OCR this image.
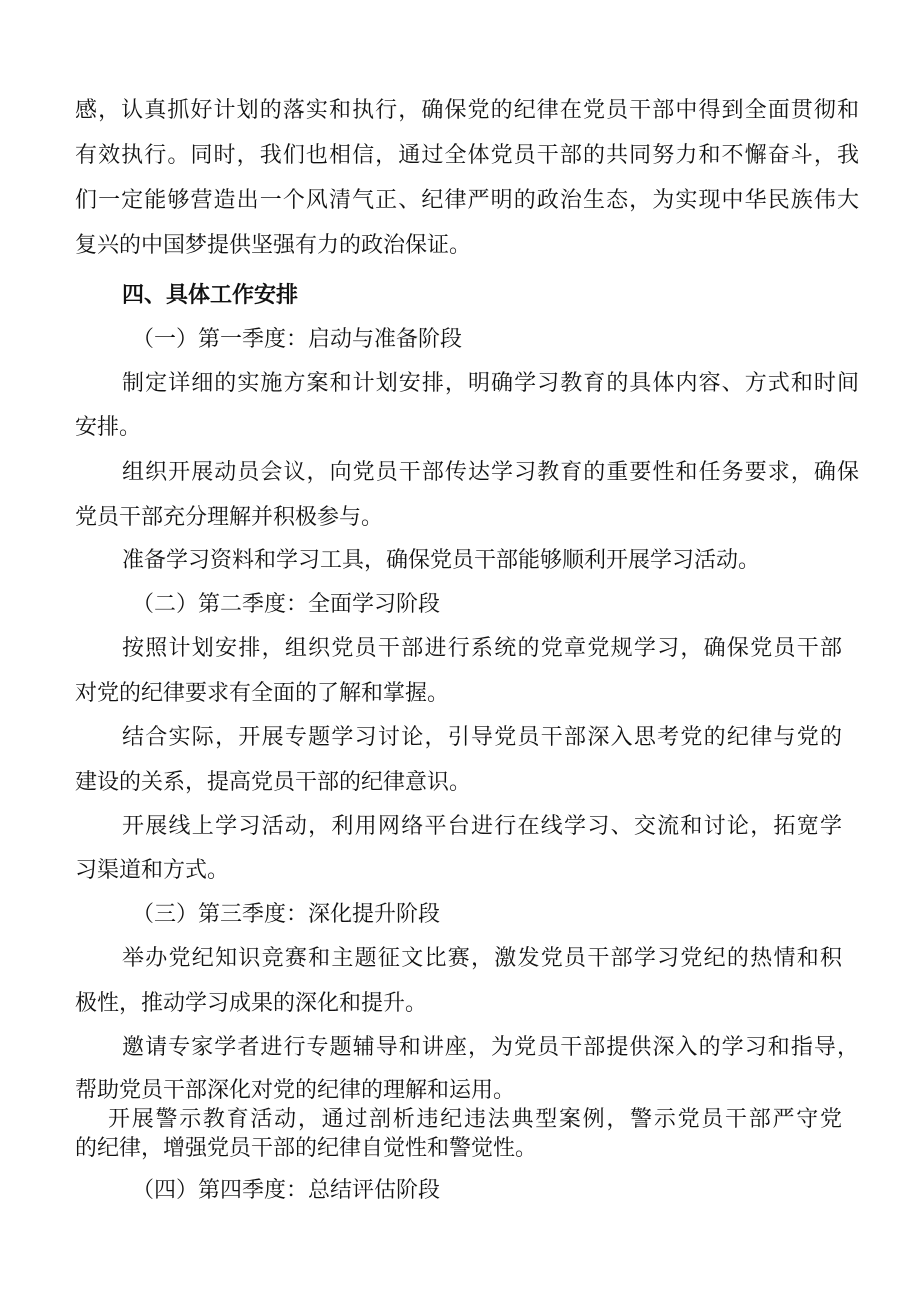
感，认真抓好计划的落实和执行，确保党的纪律在党员干部中得到全面贯彻和
有效执行。同时，我们也相信，通过全体党员干部的共同努力和不懈奋斗，我
们一定能够营造出一个风清气正、纪律严明的政治生态，为实现中华民族伟大
复兴的中国梦提供坚强有力的政治保证。
四、具体工作安排
（一）第一季度：启动与准备阶段
制定详细的实施方案和计划安排，明确学习教育的具体内容、方式和时间
安排。
组织开展动员会议，向党员干部传达学习教育的重要性和任务要求，确保
党员干部充分理解并积极参与。
准备学习资料和学习工具，确保党员干部能够顺利开展学习活动。
（二）第二季度：全面学习阶段
按照计划安排，组织党员干部进行系统的党章党规学习，确保党员干部
对党的纪律要求有全面的了解和掌握。
结合实际，开展专题学习讨论，引导党员干部深入思考党的纪律与党的
建设的关系，提高党员干部的纪律意识。
开展线上学习活动，利用网络平台进行在线学习、交流和讨论，拓宽学
习渠道和方式。
（三）第三季度：深化提升阶段
举办党纪知识竞赛和主题征文比赛，激发党员干部学习党纪的热情和积
极性，推动学习成果的深化和提升。
邀请专家学者进行专题辅导和讲座，为党员干部提供深入的学习和指导，
帮助党员干部深化对党的纪律的理解和运用。
开展警示教育活动，通过剖析违纪违法典型案例，警示党员干部严守党
的纪律，增强党员干部的纪律自觉性和警觉性。
（四）第四季度：总结评估阶段
